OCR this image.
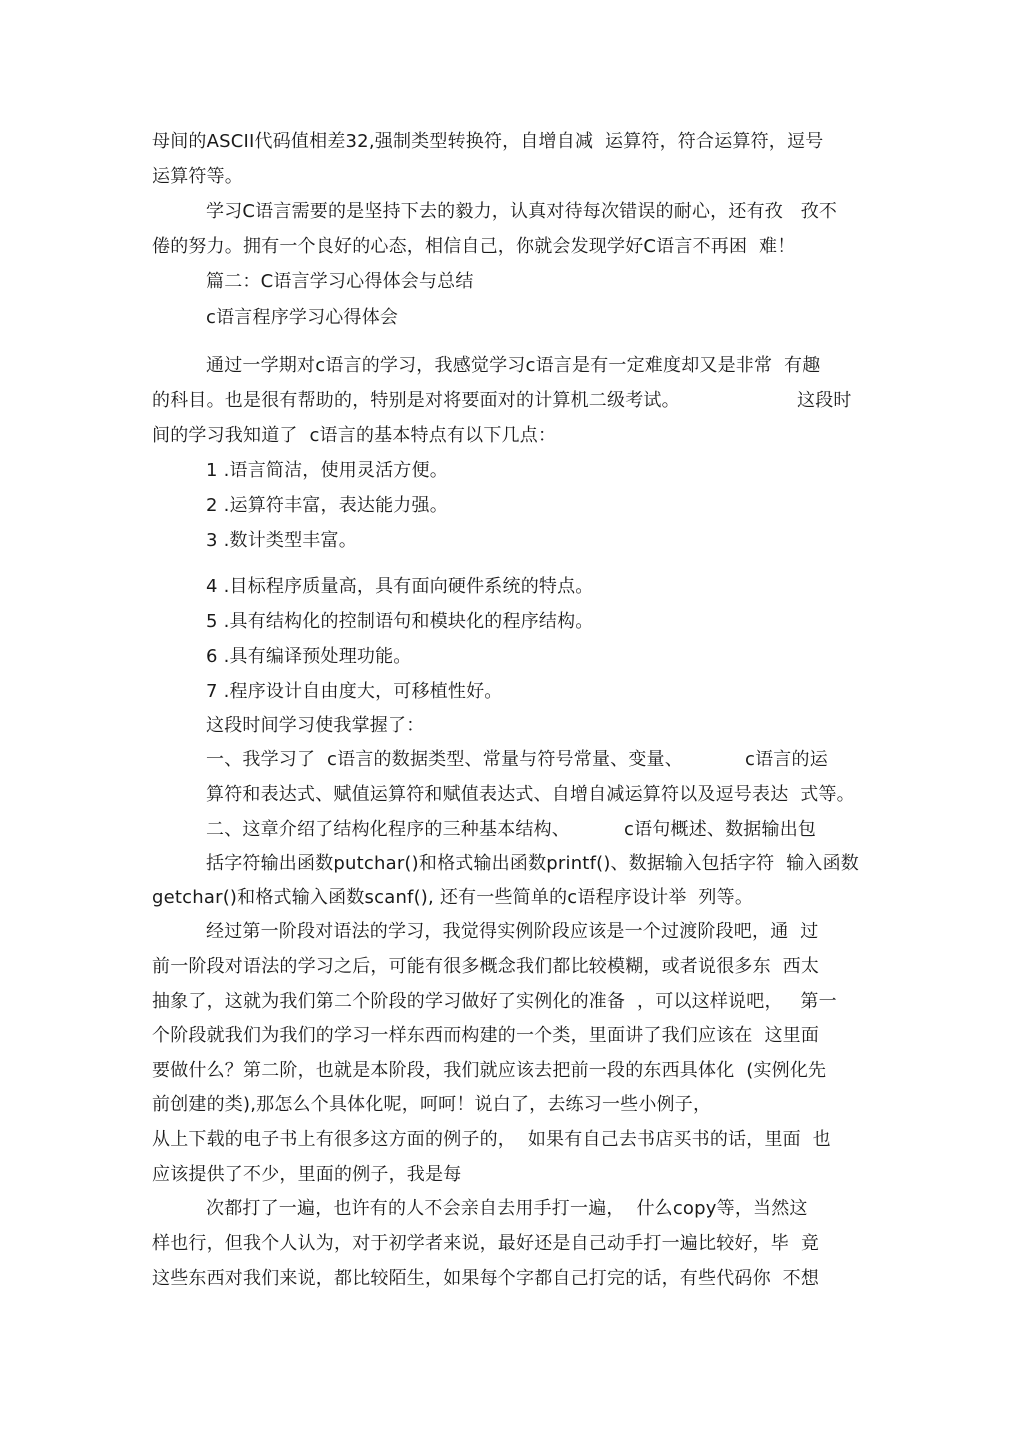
母间的ASCII代码值相差32,强制类型转换符，自增自减  运算符，符合运算符，逗号
运算符等。
学习C语言需要的是坚持下去的毅力，认真对待每次错误的耐心，还有孜   孜不
倦的努力。拥有一个良好的心态，相信自己，你就会发现学好C语言不再困  难！
篇二：C语言学习心得体会与总结
c语言程序学习心得体会
通过一学期对c语言的学习，我感觉学习c语言是有一定难度却又是非常  有趣
的科目。也是很有帮助的，特别是对将要面对的计算机二级考试。	这段时
间的学习我知道了  c语言的基本特点有以下几点：
1 .语言简洁，使用灵活方便。
2 .运算符丰富，表达能力强。
3 .数计类型丰富。
4 .目标程序质量高，具有面向硬件系统的特点。
5 .具有结构化的控制语句和模块化的程序结构。
6 .具有编译预处理功能。
7 .程序设计自由度大，可移植性好。
这段时间学习使我掌握了：
一、我学习了  c语言的数据类型、常量与符号常量、变量、	c语言的运
算符和表达式、赋值运算符和赋值表达式、自增自减运算符以及逗号表达  式等。
二、这章介绍了结构化程序的三种基本结构、	c语句概述、数据输出包
括字符输出函数putchar()和格式输出函数printf()、数据输入包括字符  输入函数
getchar()和格式输入函数scanf(), 还有一些简单的c语程序设计举  列等。
经过第一阶段对语法的学习，我觉得实例阶段应该是一个过渡阶段吧，通  过
前一阶段对语法的学习之后，可能有很多概念我们都比较模糊，或者说很多东  西太
抽象了，这就为我们第二个阶段的学习做好了实例化的准备  ，可以这样说吧，   第一
个阶段就我们为我们的学习一样东西而构建的一个类，里面讲了我们应该在  这里面
要做什么？第二阶，也就是本阶段，我们就应该去把前一段的东西具体化  (实例化先
前创建的类),那怎么个具体化呢，呵呵！说白了，去练习一些小例子，
从上下载的电子书上有很多这方面的例子的，  如果有自己去书店买书的话，里面  也
应该提供了不少，里面的例子，我是每
次都打了一遍，也许有的人不会亲自去用手打一遍，  什么copy等，当然这
样也行，但我个人认为，对于初学者来说，最好还是自己动手打一遍比较好，毕  竟
这些东西对我们来说，都比较陌生，如果每个字都自己打完的话，有些代码你  不想
